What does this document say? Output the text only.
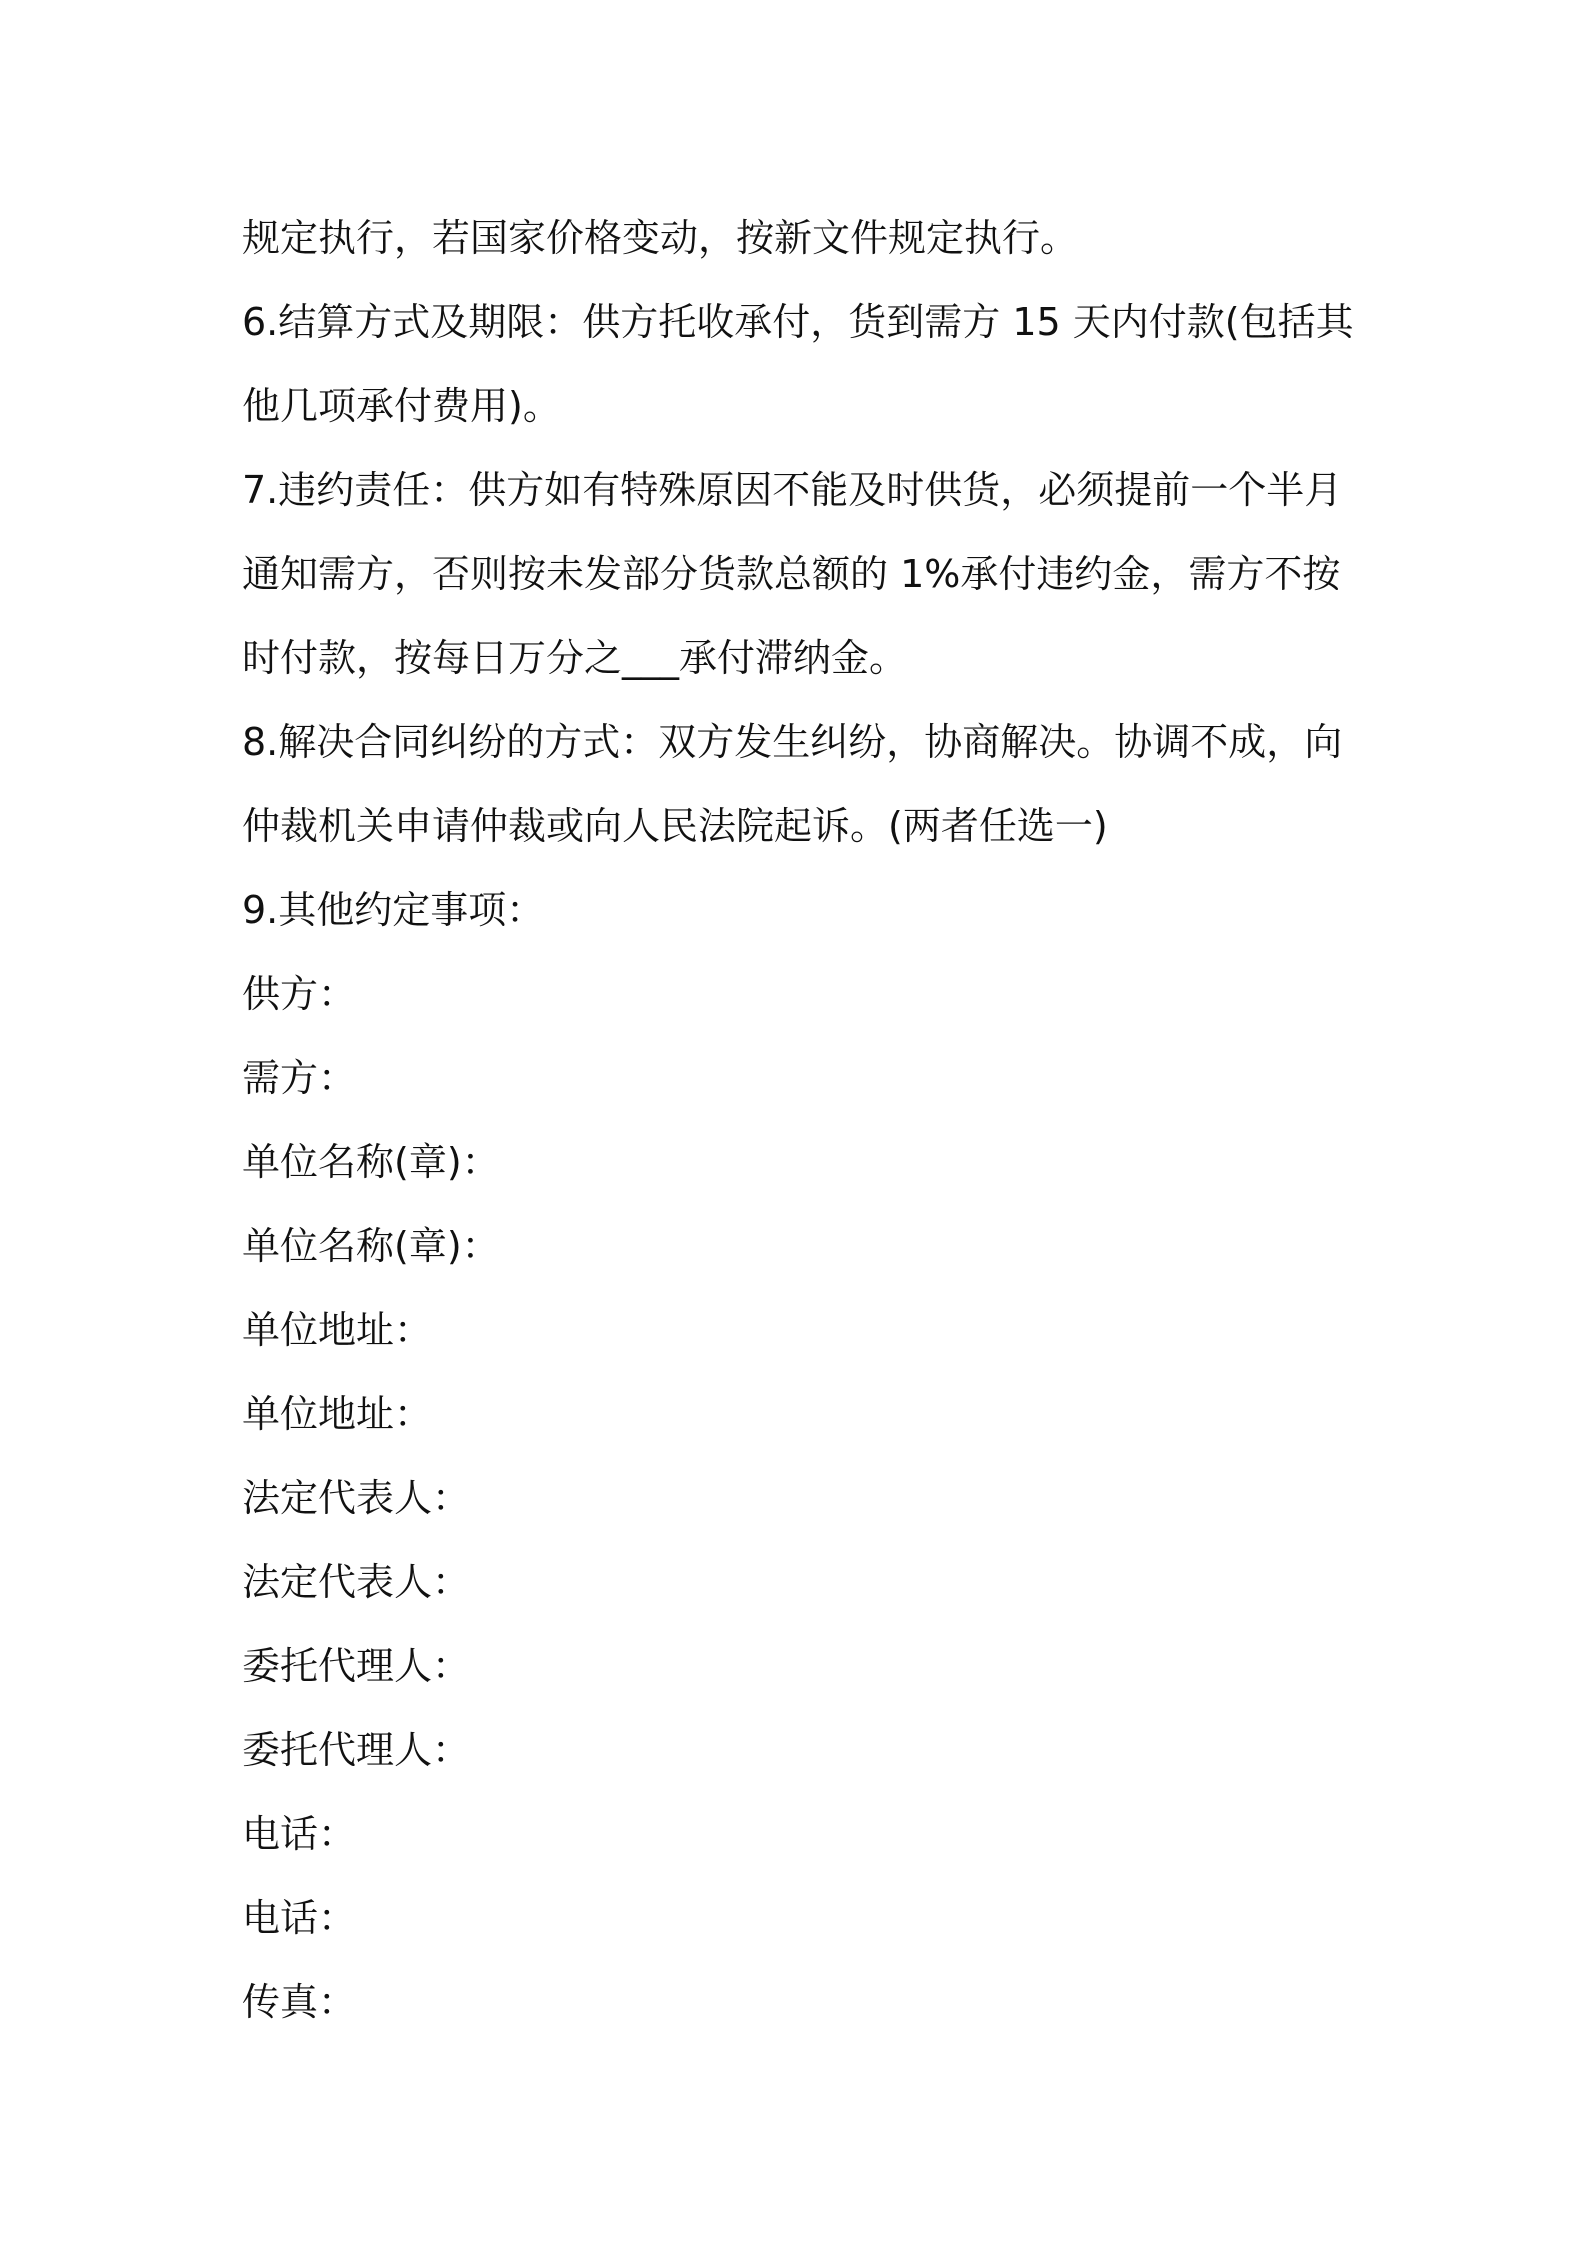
规定执行，若国家价格变动，按新文件规定执行。

6.结算方式及期限：供方托收承付，货到需方 15 天内付款(包括其他几项承付费用)。

7.违约责任：供方如有特殊原因不能及时供货，必须提前一个半月通知需方，否则按未发部分货款总额的 1%承付违约金，需方不按时付款，按每日万分之___承付滞纳金。

8.解决合同纠纷的方式：双方发生纠纷，协商解决。协调不成，向仲裁机关申请仲裁或向人民法院起诉。(两者任选一)

9.其他约定事项：

供方：

需方：

单位名称(章)：

单位名称(章)：

单位地址：

单位地址：

法定代表人：

法定代表人：

委托代理人：

委托代理人：

电话：

电话：

传真：
